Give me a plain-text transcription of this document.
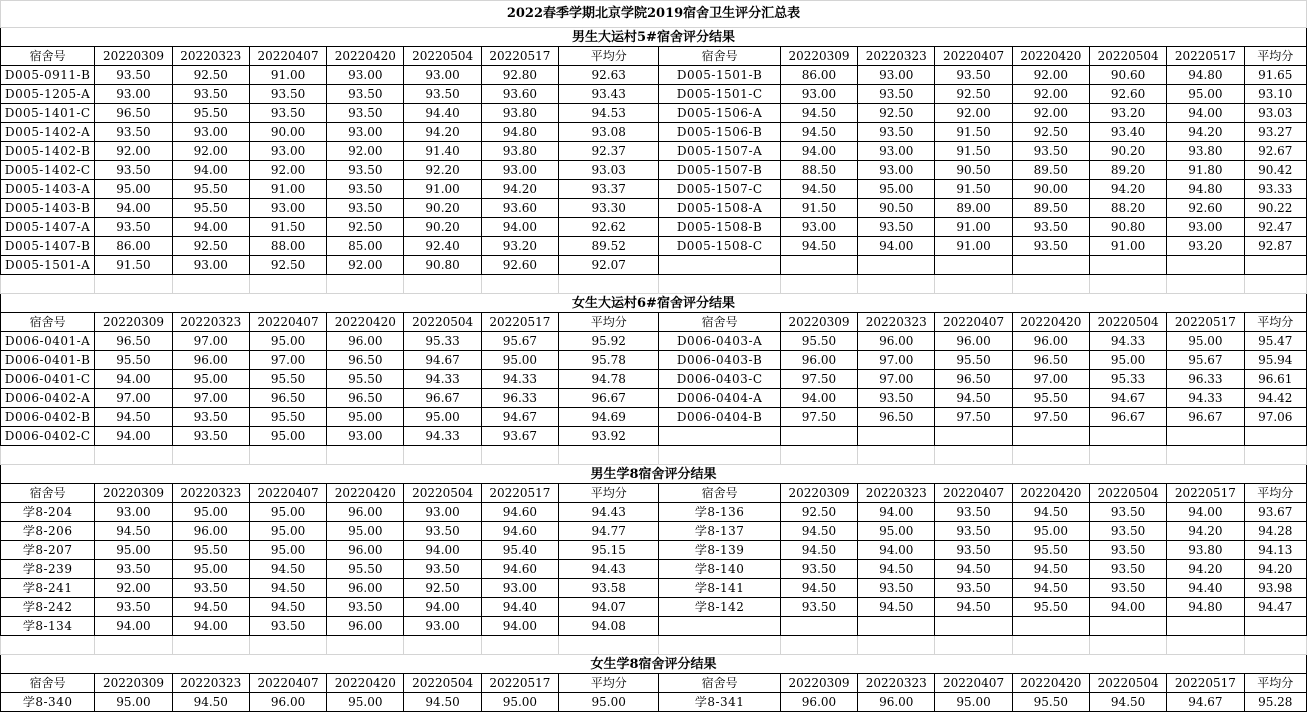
2022春季学期北京学院2019宿舍卫生评分汇总表															
男生大运村5#宿舍评分结果															
宿舍号	20220309	20220323	20220407	20220420	20220504	20220517	平均分	宿舍号	20220309	20220323	20220407	20220420	20220504	20220517	平均分
D005-0911-B	93.50	92.50	91.00	93.00	93.00	92.80	92.63	D005-1501-B	86.00	93.00	93.50	92.00	90.60	94.80	91.65
D005-1205-A	93.00	93.50	93.50	93.50	93.50	93.60	93.43	D005-1501-C	93.00	93.50	92.50	92.00	92.60	95.00	93.10
D005-1401-C	96.50	95.50	93.50	93.50	94.40	93.80	94.53	D005-1506-A	94.50	92.50	92.00	92.00	93.20	94.00	93.03
D005-1402-A	93.50	93.00	90.00	93.00	94.20	94.80	93.08	D005-1506-B	94.50	93.50	91.50	92.50	93.40	94.20	93.27
D005-1402-B	92.00	92.00	93.00	92.00	91.40	93.80	92.37	D005-1507-A	94.00	93.00	91.50	93.50	90.20	93.80	92.67
D005-1402-C	93.50	94.00	92.00	93.50	92.20	93.00	93.03	D005-1507-B	88.50	93.00	90.50	89.50	89.20	91.80	90.42
D005-1403-A	95.00	95.50	91.00	93.50	91.00	94.20	93.37	D005-1507-C	94.50	95.00	91.50	90.00	94.20	94.80	93.33
D005-1403-B	94.00	95.50	93.00	93.50	90.20	93.60	93.30	D005-1508-A	91.50	90.50	89.00	89.50	88.20	92.60	90.22
D005-1407-A	93.50	94.00	91.50	92.50	90.20	94.00	92.62	D005-1508-B	93.00	93.50	91.00	93.50	90.80	93.00	92.47
D005-1407-B	86.00	92.50	88.00	85.00	92.40	93.20	89.52	D005-1508-C	94.50	94.00	91.00	93.50	91.00	93.20	92.87
D005-1501-A	91.50	93.00	92.50	92.00	90.80	92.60	92.07								

女生大运村6#宿舍评分结果															
宿舍号	20220309	20220323	20220407	20220420	20220504	20220517	平均分	宿舍号	20220309	20220323	20220407	20220420	20220504	20220517	平均分
D006-0401-A	96.50	97.00	95.00	96.00	95.33	95.67	95.92	D006-0403-A	95.50	96.00	96.00	96.00	94.33	95.00	95.47
D006-0401-B	95.50	96.00	97.00	96.50	94.67	95.00	95.78	D006-0403-B	96.00	97.00	95.50	96.50	95.00	95.67	95.94
D006-0401-C	94.00	95.00	95.50	95.50	94.33	94.33	94.78	D006-0403-C	97.50	97.00	96.50	97.00	95.33	96.33	96.61
D006-0402-A	97.00	97.00	96.50	96.50	96.67	96.33	96.67	D006-0404-A	94.00	93.50	94.50	95.50	94.67	94.33	94.42
D006-0402-B	94.50	93.50	95.50	95.00	95.00	94.67	94.69	D006-0404-B	97.50	96.50	97.50	97.50	96.67	96.67	97.06
D006-0402-C	94.00	93.50	95.00	93.00	94.33	93.67	93.92								

男生学8宿舍评分结果															
宿舍号	20220309	20220323	20220407	20220420	20220504	20220517	平均分	宿舍号	20220309	20220323	20220407	20220420	20220504	20220517	平均分
学8-204	93.00	95.00	95.00	96.00	93.00	94.60	94.43	学8-136	92.50	94.00	93.50	94.50	93.50	94.00	93.67
学8-206	94.50	96.00	95.00	95.00	93.50	94.60	94.77	学8-137	94.50	95.00	93.50	95.00	93.50	94.20	94.28
学8-207	95.00	95.50	95.00	96.00	94.00	95.40	95.15	学8-139	94.50	94.00	93.50	95.50	93.50	93.80	94.13
学8-239	93.50	95.00	94.50	95.50	93.50	94.60	94.43	学8-140	93.50	94.50	94.50	94.50	93.50	94.20	94.20
学8-241	92.00	93.50	94.50	96.00	92.50	93.00	93.58	学8-141	94.50	93.50	93.50	94.50	93.50	94.40	93.98
学8-242	93.50	94.50	94.50	93.50	94.00	94.40	94.07	学8-142	93.50	94.50	94.50	95.50	94.00	94.80	94.47
学8-134	94.00	94.00	93.50	96.00	93.00	94.00	94.08								

女生学8宿舍评分结果															
宿舍号	20220309	20220323	20220407	20220420	20220504	20220517	平均分	宿舍号	20220309	20220323	20220407	20220420	20220504	20220517	平均分
学8-340	95.00	94.50	96.00	95.00	94.50	95.00	95.00	学8-341	96.00	96.00	95.00	95.50	94.50	94.67	95.28
